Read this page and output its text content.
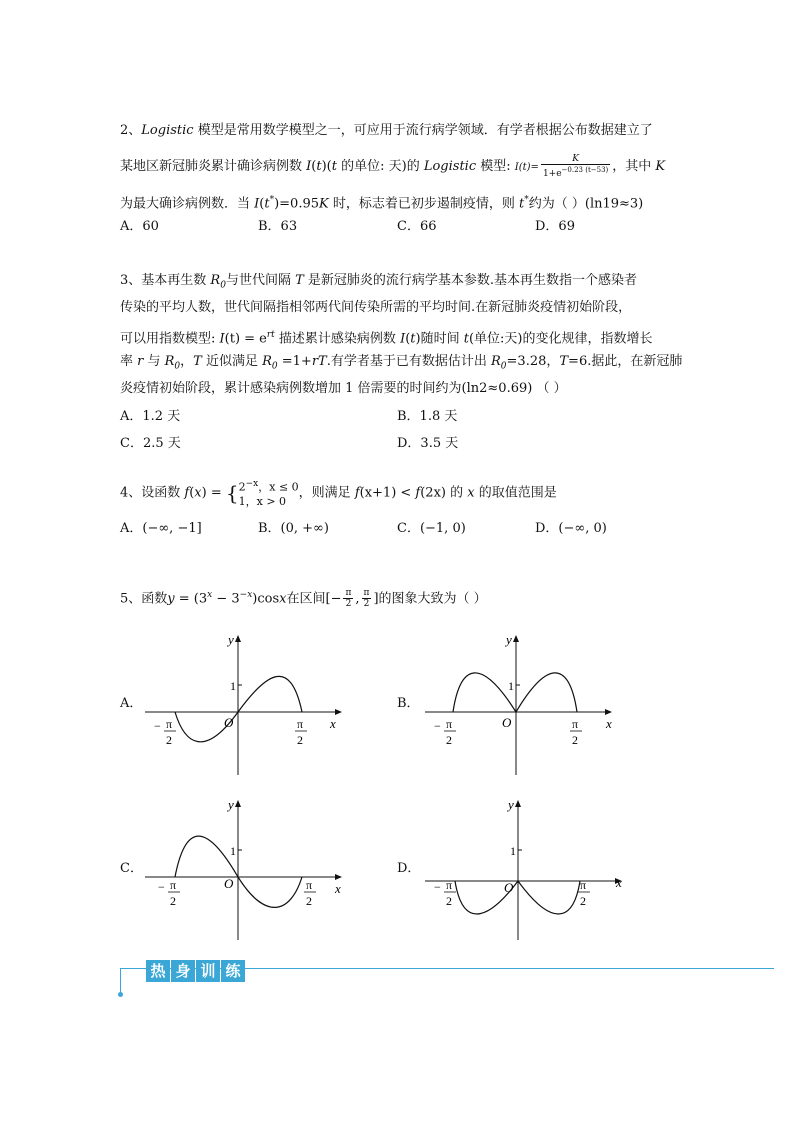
2、Logistic 模型是常用数学模型之一，可应用于流行病学领域．有学者根据公布数据建立了
某地区新冠肺炎累计确诊病例数 I(t)(t 的单位: 天)的 Logistic 模型: $I(t)= \frac{K}{1+e^{-0.23 (t-53)}}$ ，其中 K
为最大确诊病例数．当 I(t*)=0.95K 时，标志着已初步遏制疫情，则 t*约为（ ）(ln19≈3)
A．60	B．63	C．66	D．69
3、基本再生数 $R_0$与世代间隔 T 是新冠肺炎的流行病学基本参数.基本再生数指一个感染者
传染的平均人数，世代间隔指相邻两代间传染所需的平均时间.在新冠肺炎疫情初始阶段，
可以用指数模型: $I(t) = e^{rt}$ 描述累计感染病例数 I(t)随时间 t(单位:天)的变化规律，指数增长
率 r 与 $R_0$，T 近似满足 $R_0 =1+rT$.有学者基于已有数据估计出 $R_0=3.28$，T=6.据此，在新冠肺
炎疫情初始阶段，累计感染病例数增加 1 倍需要的时间约为(ln2≈0.69) （ ）
A．1.2 天	B．1.8 天
C．2.5 天	D．3.5 天
4、设函数 f(x) = { $2^{-x}$，x ≤ 0
1，x > 0
，则满足 f(x+1) < f(2x) 的 x 的取值范围是
A．(−∞, −1]	B．(0, +∞)	C．(−1, 0)	D．(−∞, 0)
5、函数$y = (3^x - 3^{-x})\cos x$在区间[− $\frac{\pi}{2}$ , $\frac{\pi}{2}$ ]的图象大致为（ ）
A．	B．
C．	D．
y
x
1
O
− π
2
π
2
y
x
1
O
− π
2
π
2
y
x
1
O
− π
2
π
2
y
x
1
O
− π
2
π
2
热 身 训 练
